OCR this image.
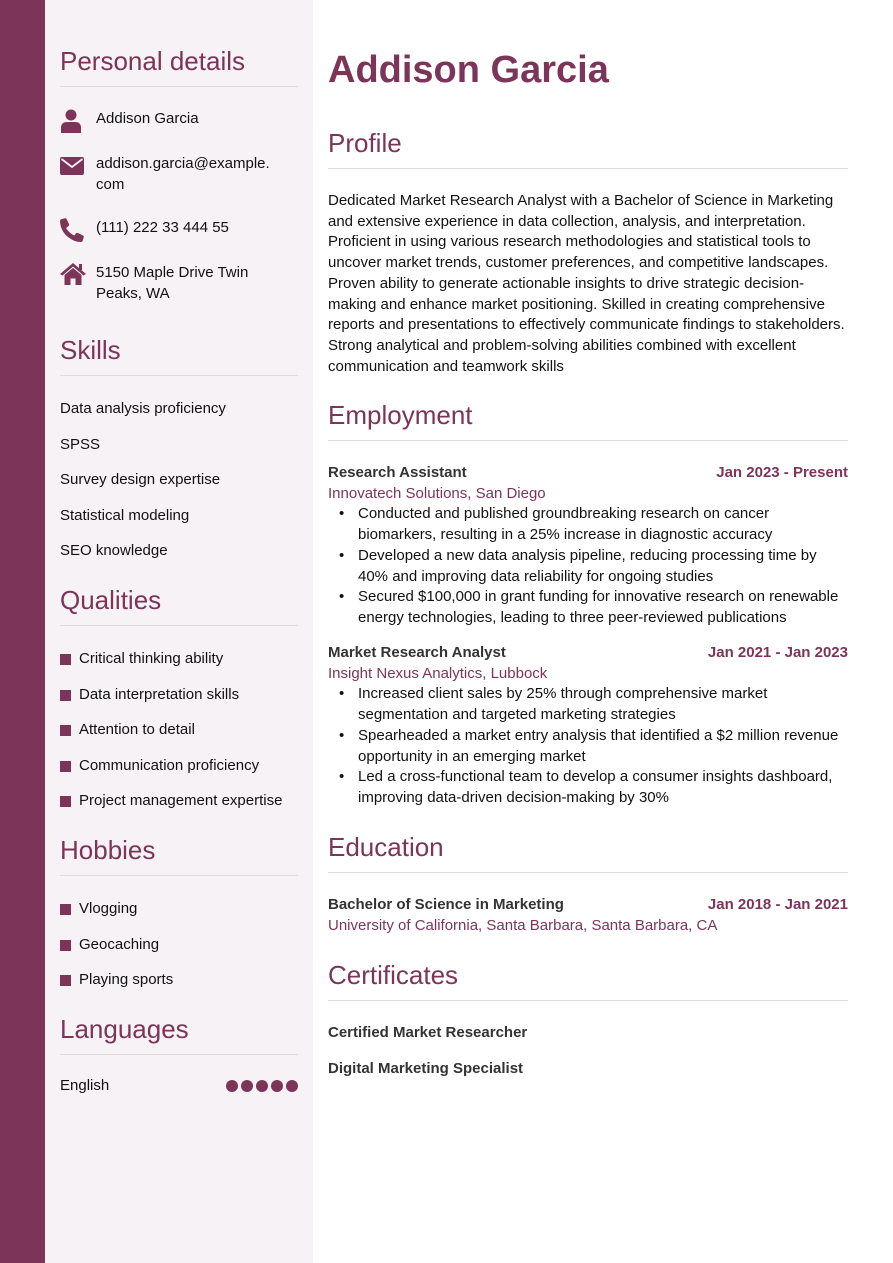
Personal details
Addison Garcia
addison.garcia@example.com
(111) 222 33 444 55
5150 Maple Drive Twin Peaks, WA
Skills
Data analysis proficiency
SPSS
Survey design expertise
Statistical modeling
SEO knowledge
Qualities
Critical thinking ability
Data interpretation skills
Attention to detail
Communication proficiency
Project management expertise
Hobbies
Vlogging
Geocaching
Playing sports
Languages
English
Addison Garcia
Profile

Dedicated Market Research Analyst with a Bachelor of Science in Marketing and extensive experience in data collection, analysis, and interpretation. Proficient in using various research methodologies and statistical tools to uncover market trends, customer preferences, and competitive landscapes. Proven ability to generate actionable insights to drive strategic decision-making and enhance market positioning. Skilled in creating comprehensive reports and presentations to effectively communicate findings to stakeholders. Strong analytical and problem-solving abilities combined with excellent communication and teamwork skills

Employment
Research Assistant	Jan 2023 - Present
Innovatech Solutions, San Diego
• Conducted and published groundbreaking research on cancer biomarkers, resulting in a 25% increase in diagnostic accuracy
• Developed a new data analysis pipeline, reducing processing time by 40% and improving data reliability for ongoing studies
• Secured $100,000 in grant funding for innovative research on renewable energy technologies, leading to three peer-reviewed publications
Market Research Analyst	Jan 2021 - Jan 2023
Insight Nexus Analytics, Lubbock
• Increased client sales by 25% through comprehensive market segmentation and targeted marketing strategies
• Spearheaded a market entry analysis that identified a $2 million revenue opportunity in an emerging market
• Led a cross-functional team to develop a consumer insights dashboard, improving data-driven decision-making by 30%
Education
Bachelor of Science in Marketing	Jan 2018 - Jan 2021
University of California, Santa Barbara, Santa Barbara, CA
Certificates
Certified Market Researcher
Digital Marketing Specialist
